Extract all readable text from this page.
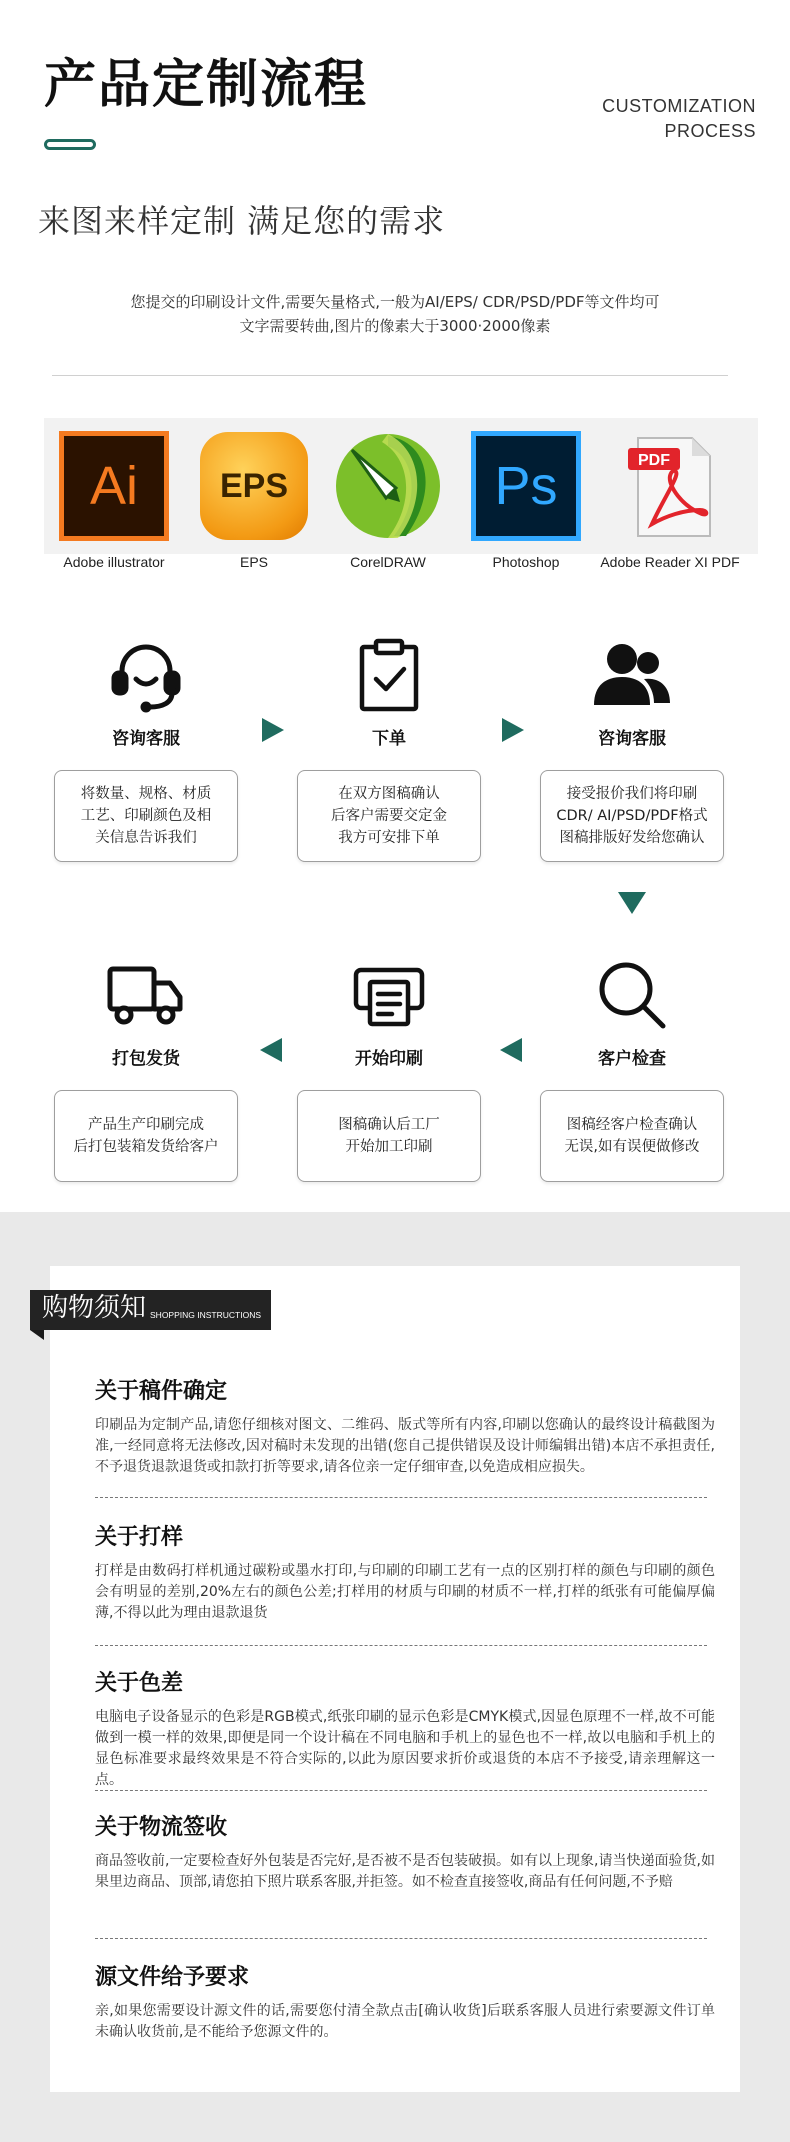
产品定制流程	CUSTOMIZATION
PROCESS
来图来样定制 满足您的需求
您提交的印刷设计文件,需要矢量格式,一般为AI/EPS/ CDR/PSD/PDF等文件均可
文字需要转曲,图片的像素大于3000·2000像素
Ai
Adobe illustrator
EPS
EPS	CorelDRAW
Ps
Photoshop
PDF
Adobe Reader XI PDF
咨询客服
将数量、规格、材质
工艺、印刷颜色及相
关信息告诉我们
下单
在双方图稿确认
后客户需要交定金
我方可安排下单
咨询客服
接受报价我们将印刷
CDR/ AI/PSD/PDF格式
图稿排版好发给您确认
打包发货
产品生产印刷完成
后打包装箱发货给客户
开始印刷
图稿确认后工厂
开始加工印刷
客户检查
图稿经客户检查确认
无误,如有误便做修改
购物须知 SHOPPING INSTRUCTIONS
关于稿件确定
印刷品为定制产品,请您仔细核对图文、二维码、版式等所有内容,印刷以您确认的最终设计稿截图为准,一经同意将无法修改,因对稿时未发现的出错(您自己提供错误及设计师编辑出错)本店不承担责任,不予退货退款退货或扣款打折等要求,请各位亲一定仔细审查,以免造成相应损失。
关于打样
打样是由数码打样机通过碳粉或墨水打印,与印刷的印刷工艺有一点的区别打样的颜色与印刷的颜色会有明显的差别,20%左右的颜色公差;打样用的材质与印刷的材质不一样,打样的纸张有可能偏厚偏薄,不得以此为理由退款退货
关于色差
电脑电子设备显示的色彩是RGB模式,纸张印刷的显示色彩是CMYK模式,因显色原理不一样,故不可能做到一模一样的效果,即便是同一个设计稿在不同电脑和手机上的显色也不一样,故以电脑和手机上的显色标准要求最终效果是不符合实际的,以此为原因要求折价或退货的本店不予接受,请亲理解这一点。
关于物流签收
商品签收前,一定要检查好外包装是否完好,是否被不是否包装破损。如有以上现象,请当快递面验货,如果里边商品、顶部,请您拍下照片联系客服,并拒签。如不检查直接签收,商品有任何问题,不予赔
源文件给予要求
亲,如果您需要设计源文件的话,需要您付清全款点击[确认收货]后联系客服人员进行索要源文件订单未确认收货前,是不能给予您源文件的。
